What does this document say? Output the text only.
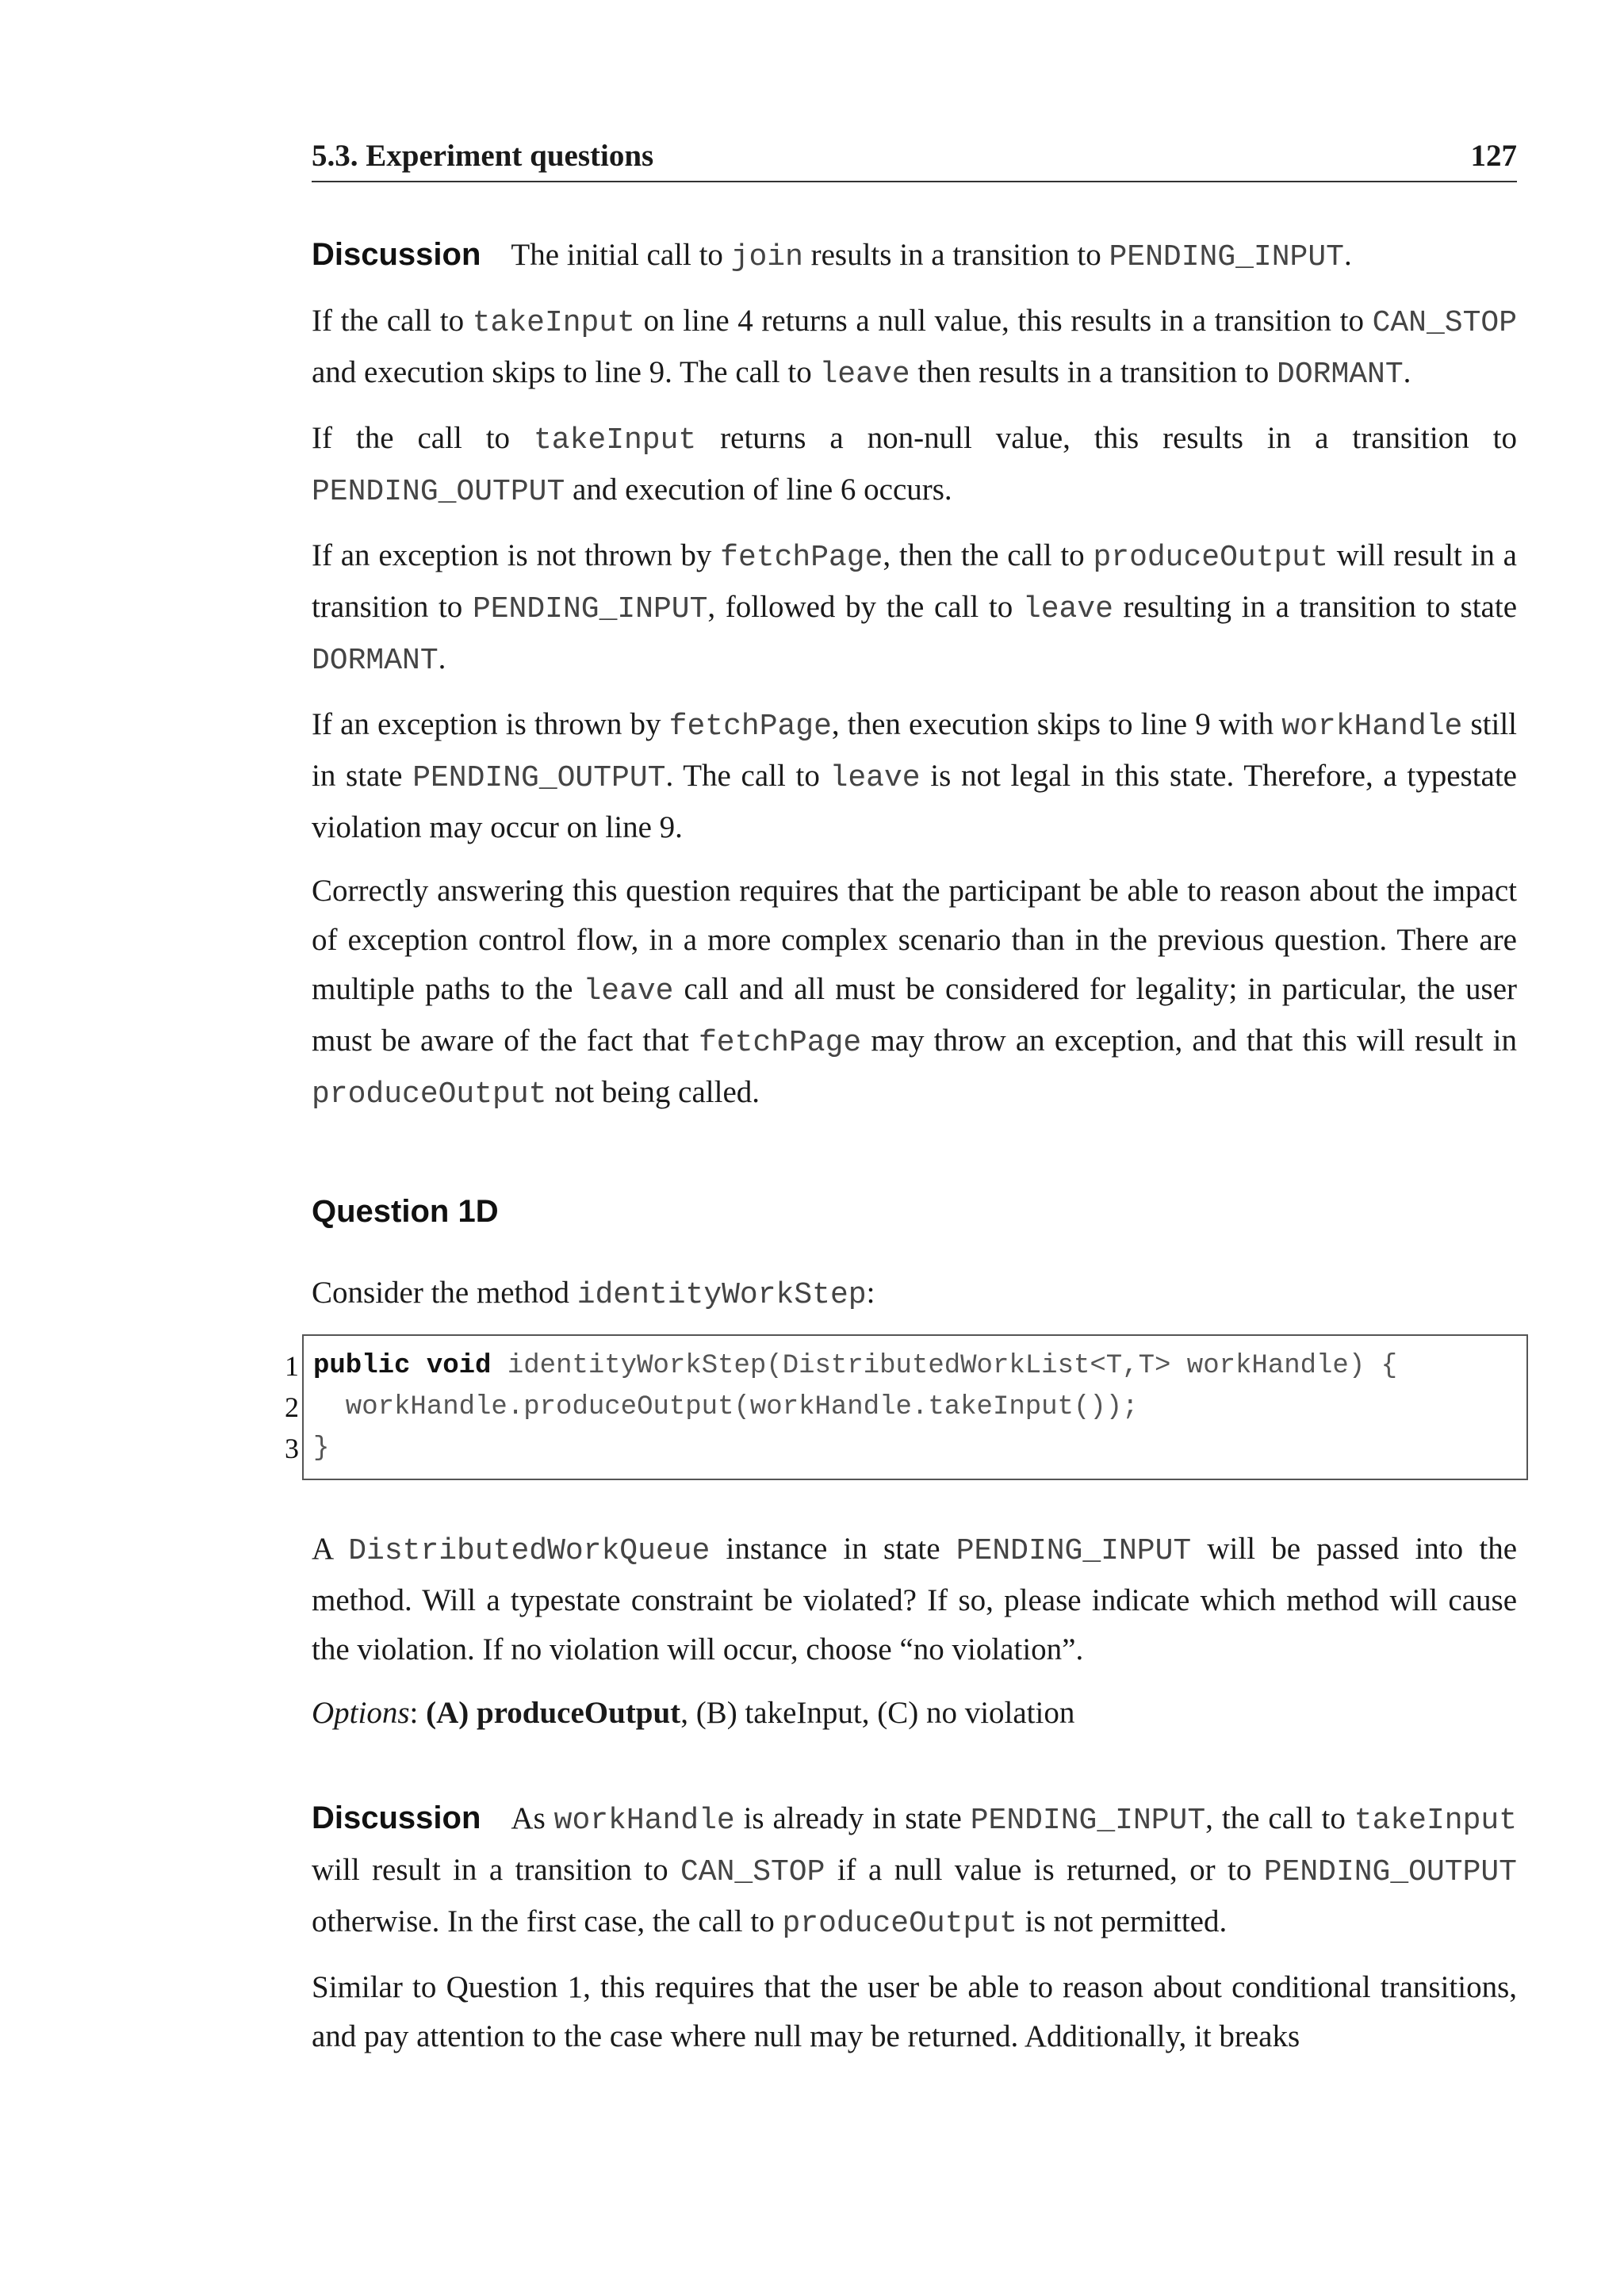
5.3. Experiment questions	127

Discussion The initial call to join results in a transition to PENDING_INPUT.

If the call to takeInput on line 4 returns a null value, this results in a transition to CAN_STOP and execution skips to line 9. The call to leave then results in a transition to DORMANT.

If the call to takeInput returns a non-null value, this results in a transition to PENDING_OUTPUT and execution of line 6 occurs.

If an exception is not thrown by fetchPage, then the call to produceOutput will result in a transition to PENDING_INPUT, followed by the call to leave resulting in a transition to state DORMANT.

If an exception is thrown by fetchPage, then execution skips to line 9 with workHandle still in state PENDING_OUTPUT. The call to leave is not legal in this state. Therefore, a typestate violation may occur on line 9.

Correctly answering this question requires that the participant be able to reason about the impact of exception control flow, in a more complex scenario than in the previous question. There are multiple paths to the leave call and all must be considered for legality; in particular, the user must be aware of the fact that fetchPage may throw an exception, and that this will result in produceOutput not being called.

Question 1D

Consider the method identityWorkStep:

1 public void identityWorkStep(DistributedWorkList<T,T> workHandle) {
2 workHandle.produceOutput(workHandle.takeInput());
3 }

A DistributedWorkQueue instance in state PENDING_INPUT will be passed into the method. Will a typestate constraint be violated? If so, please indicate which method will cause the violation. If no violation will occur, choose “no violation”.

Options: (A) produceOutput, (B) takeInput, (C) no violation

Discussion As workHandle is already in state PENDING_INPUT, the call to takeInput will result in a transition to CAN_STOP if a null value is returned, or to PENDING_OUTPUT otherwise. In the first case, the call to produceOutput is not permitted.

Similar to Question 1, this requires that the user be able to reason about conditional transitions, and pay attention to the case where null may be returned. Additionally, it breaks
